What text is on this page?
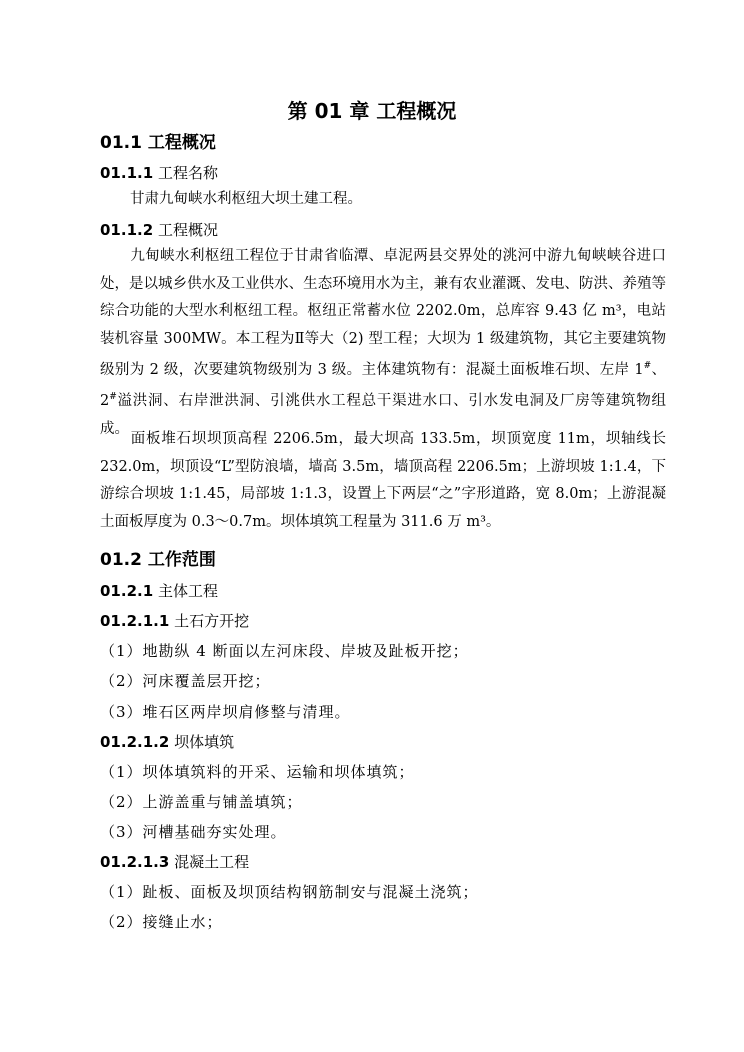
第 01 章 工程概况
01.1 工程概况
01.1.1 工程名称
甘肃九甸峡水利枢纽大坝土建工程。
01.1.2 工程概况
九甸峡水利枢纽工程位于甘肃省临潭、卓泥两县交界处的洮河中游九甸峡峡谷进口处，是以城乡供水及工业供水、生态环境用水为主，兼有农业灌溉、发电、防洪、养殖等综合功能的大型水利枢纽工程。枢纽正常蓄水位 2202.0m，总库容 9.43 亿 m³，电站装机容量 300MW。本工程为Ⅱ等大（2) 型工程；大坝为 1 级建筑物，其它主要建筑物级别为 2 级，次要建筑物级别为 3 级。主体建筑物有：混凝土面板堆石坝、左岸 1#、2#溢洪洞、右岸泄洪洞、引洮供水工程总干渠进水口、引水发电洞及厂房等建筑物组成。
面板堆石坝坝顶高程 2206.5m，最大坝高 133.5m，坝顶宽度 11m，坝轴线长 232.0m，坝顶设“L”型防浪墙，墙高 3.5m，墙顶高程 2206.5m；上游坝坡 1:1.4，下游综合坝坡 1:1.45，局部坡 1:1.3，设置上下两层“之”字形道路，宽 8.0m；上游混凝土面板厚度为 0.3～0.7m。坝体填筑工程量为 311.6 万 m³。
01.2 工作范围
01.2.1 主体工程
01.2.1.1 土石方开挖
（1）地勘纵 4 断面以左河床段、岸坡及趾板开挖；
（2）河床覆盖层开挖；
（3）堆石区两岸坝肩修整与清理。
01.2.1.2 坝体填筑
（1）坝体填筑料的开采、运输和坝体填筑；
（2）上游盖重与铺盖填筑；
（3）河槽基础夯实处理。
01.2.1.3 混凝土工程
（1）趾板、面板及坝顶结构钢筋制安与混凝土浇筑；
（2）接缝止水；
